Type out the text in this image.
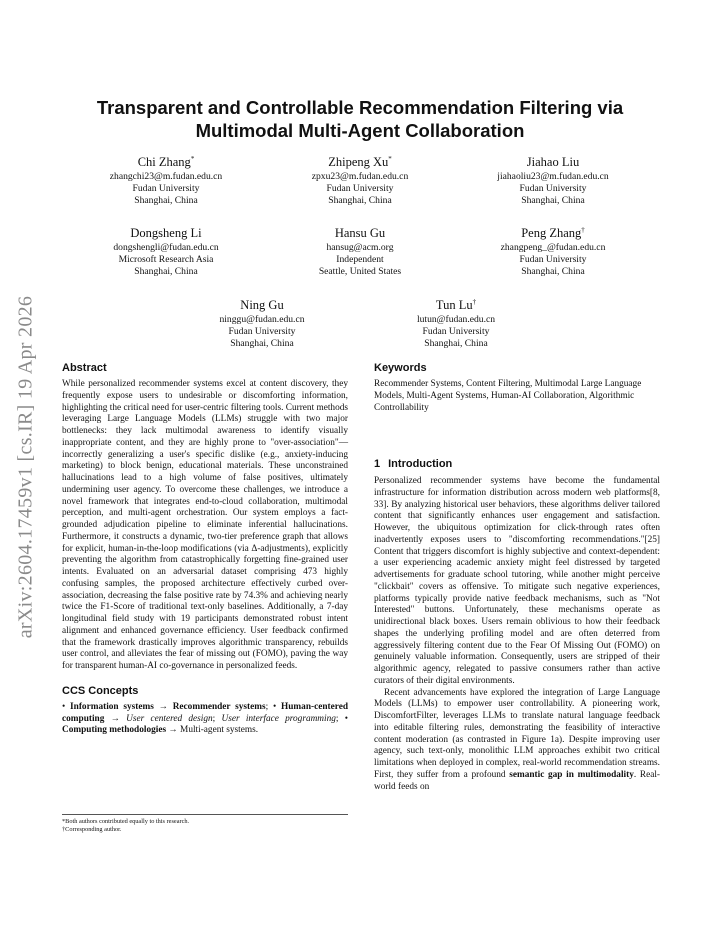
arXiv:2604.17459v1 [cs.IR] 19 Apr 2026
Transparent and Controllable Recommendation Filtering via
Multimodal Multi-Agent Collaboration
Chi Zhang*
zhangchi23@m.fudan.edu.cn
Fudan University
Shanghai, China
Zhipeng Xu*
zpxu23@m.fudan.edu.cn
Fudan University
Shanghai, China
Jiahao Liu
jiahaoliu23@m.fudan.edu.cn
Fudan University
Shanghai, China
Dongsheng Li
dongshengli@fudan.edu.cn
Microsoft Research Asia
Shanghai, China
Hansu Gu
hansug@acm.org
Independent
Seattle, United States
Peng Zhang†
zhangpeng_@fudan.edu.cn
Fudan University
Shanghai, China
Ning Gu
ninggu@fudan.edu.cn
Fudan University
Shanghai, China
Tun Lu†
lutun@fudan.edu.cn
Fudan University
Shanghai, China
Abstract

While personalized recommender systems excel at content discovery, they frequently expose users to undesirable or discomforting information, highlighting the critical need for user-centric filtering tools. Current methods leveraging Large Language Models (LLMs) struggle with two major bottlenecks: they lack multimodal awareness to identify visually inappropriate content, and they are highly prone to "over-association"—incorrectly generalizing a user's specific dislike (e.g., anxiety-inducing marketing) to block benign, educational materials. These unconstrained hallucinations lead to a high volume of false positives, ultimately undermining user agency. To overcome these challenges, we introduce a novel framework that integrates end-to-cloud collaboration, multimodal perception, and multi-agent orchestration. Our system employs a fact-grounded adjudication pipeline to eliminate inferential hallucinations. Furthermore, it constructs a dynamic, two-tier preference graph that allows for explicit, human-in-the-loop modifications (via Δ-adjustments), explicitly preventing the algorithm from catastrophically forgetting fine-grained user intents. Evaluated on an adversarial dataset comprising 473 highly confusing samples, the proposed architecture effectively curbed over-association, decreasing the false positive rate by 74.3% and achieving nearly twice the F1-Score of traditional text-only baselines. Additionally, a 7-day longitudinal field study with 19 participants demonstrated robust intent alignment and enhanced governance efficiency. User feedback confirmed that the framework drastically improves algorithmic transparency, rebuilds user control, and alleviates the fear of missing out (FOMO), paving the way for transparent human-AI co-governance in personalized feeds.

CCS Concepts

• Information systems → Recommender systems; • Human-centered computing → User centered design; User interface programming; • Computing methodologies → Multi-agent systems.

*Both authors contributed equally to this research.
†Corresponding author.
Keywords

Recommender Systems, Content Filtering, Multimodal Large Language Models, Multi-Agent Systems, Human-AI Collaboration, Algorithmic Controllability

1 Introduction

Personalized recommender systems have become the fundamental infrastructure for information distribution across modern web platforms[8, 33]. By analyzing historical user behaviors, these algorithms deliver tailored content that significantly enhances user engagement and satisfaction. However, the ubiquitous optimization for click-through rates often inadvertently exposes users to "discomforting recommendations."[25] Content that triggers discomfort is highly subjective and context-dependent: a user experiencing academic anxiety might feel distressed by targeted advertisements for graduate school tutoring, while another might perceive "clickbait" covers as offensive. To mitigate such negative experiences, platforms typically provide native feedback mechanisms, such as "Not Interested" buttons. Unfortunately, these mechanisms operate as unidirectional black boxes. Users remain oblivious to how their feedback shapes the underlying profiling model and are often deterred from aggressively filtering content due to the Fear Of Missing Out (FOMO) on genuinely valuable information. Consequently, users are stripped of their algorithmic agency, relegated to passive consumers rather than active curators of their digital environments.

Recent advancements have explored the integration of Large Language Models (LLMs) to empower user controllability. A pioneering work, DiscomfortFilter, leverages LLMs to translate natural language feedback into editable filtering rules, demonstrating the feasibility of interactive content moderation (as contrasted in Figure 1a). Despite improving user agency, such text-only, monolithic LLM approaches exhibit two critical limitations when deployed in complex, real-world recommendation streams. First, they suffer from a profound semantic gap in multimodality. Real-world feeds on
